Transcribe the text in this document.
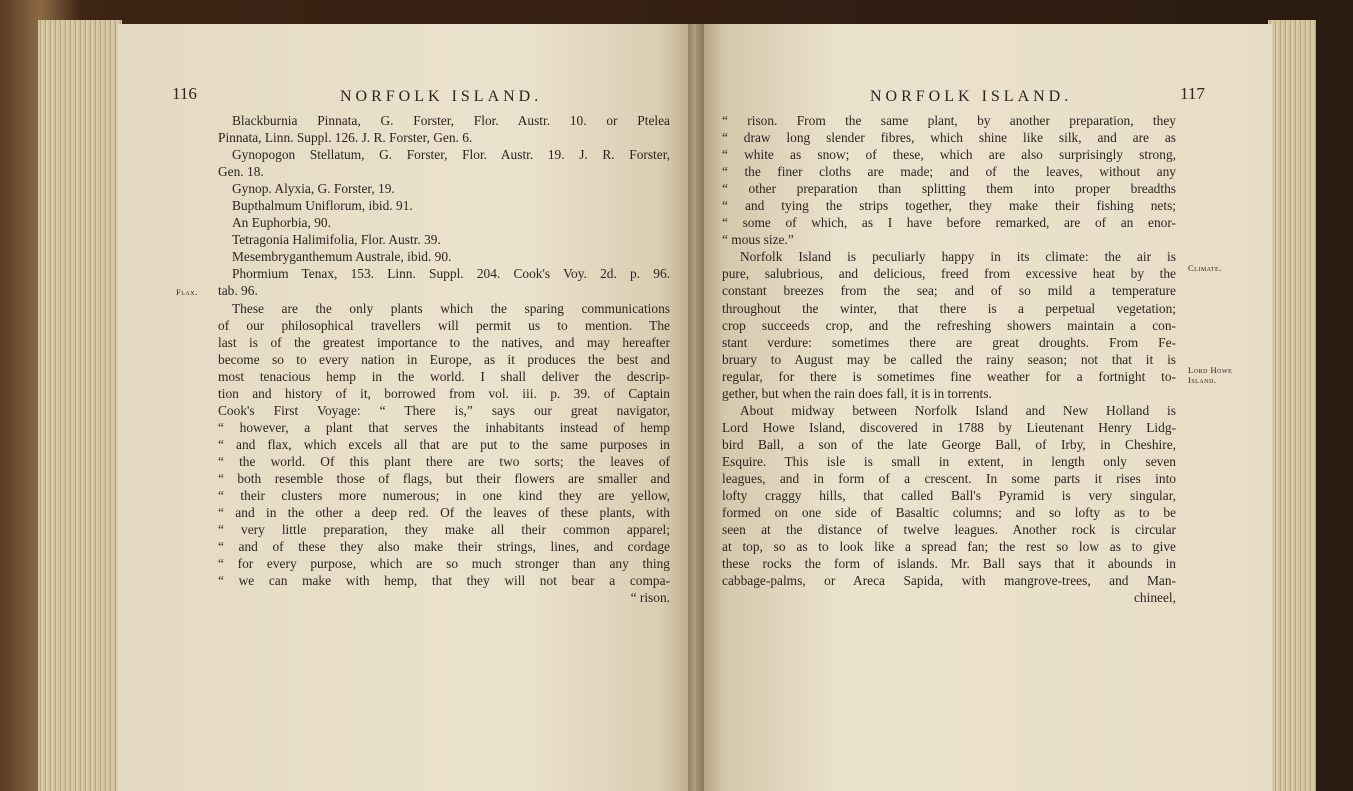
116	NORFOLK ISLAND.
Flax.
Blackburnia Pinnata, G. Forster, Flor. Austr. 10. or Ptelea
Pinnata, Linn. Suppl. 126. J. R. Forster, Gen. 6.
Gynopogon Stellatum, G. Forster, Flor. Austr. 19. J. R. Forster,
Gen. 18.
Gynop. Alyxia, G. Forster, 19.
Bupthalmum Uniflorum, ibid. 91.
An Euphorbia, 90.
Tetragonia Halimifolia, Flor. Austr. 39.
Mesembryganthemum Australe, ibid. 90.
Phormium Tenax, 153. Linn. Suppl. 204. Cook's Voy. 2d. p. 96.
tab. 96.
These are the only plants which the sparing communications
of our philosophical travellers will permit us to mention. The
last is of the greatest importance to the natives, and may hereafter
become so to every nation in Europe, as it produces the best and
most tenacious hemp in the world. I shall deliver the descrip-
tion and history of it, borrowed from vol. iii. p. 39. of Captain
Cook's First Voyage: “ There is,” says our great navigator,
“ however, a plant that serves the inhabitants instead of hemp
“ and flax, which excels all that are put to the same purposes in
“ the world. Of this plant there are two sorts; the leaves of
“ both resemble those of flags, but their flowers are smaller and
“ their clusters more numerous; in one kind they are yellow,
“ and in the other a deep red. Of the leaves of these plants, with
“ very little preparation, they make all their common apparel;
“ and of these they also make their strings, lines, and cordage
“ for every purpose, which are so much stronger than any thing
“ we can make with hemp, that they will not bear a compa-
“ rison.
NORFOLK ISLAND.	117
Climate.
Lord Howe
Island.
“ rison. From the same plant, by another preparation, they
“ draw long slender fibres, which shine like silk, and are as
“ white as snow; of these, which are also surprisingly strong,
“ the finer cloths are made; and of the leaves, without any
“ other preparation than splitting them into proper breadths
“ and tying the strips together, they make their fishing nets;
“ some of which, as I have before remarked, are of an enor-
“ mous size.”
Norfolk Island is peculiarly happy in its climate: the air is
pure, salubrious, and delicious, freed from excessive heat by the
constant breezes from the sea; and of so mild a temperature
throughout the winter, that there is a perpetual vegetation;
crop succeeds crop, and the refreshing showers maintain a con-
stant verdure: sometimes there are great droughts. From Fe-
bruary to August may be called the rainy season; not that it is
regular, for there is sometimes fine weather for a fortnight to-
gether, but when the rain does fall, it is in torrents.
About midway between Norfolk Island and New Holland is
Lord Howe Island, discovered in 1788 by Lieutenant Henry Lidg-
bird Ball, a son of the late George Ball, of Irby, in Cheshire,
Esquire. This isle is small in extent, in length only seven
leagues, and in form of a crescent. In some parts it rises into
lofty craggy hills, that called Ball's Pyramid is very singular,
formed on one side of Basaltic columns; and so lofty as to be
seen at the distance of twelve leagues. Another rock is circular
at top, so as to look like a spread fan; the rest so low as to give
these rocks the form of islands. Mr. Ball says that it abounds in
cabbage-palms, or Areca Sapida, with mangrove-trees, and Man-
chineel,
